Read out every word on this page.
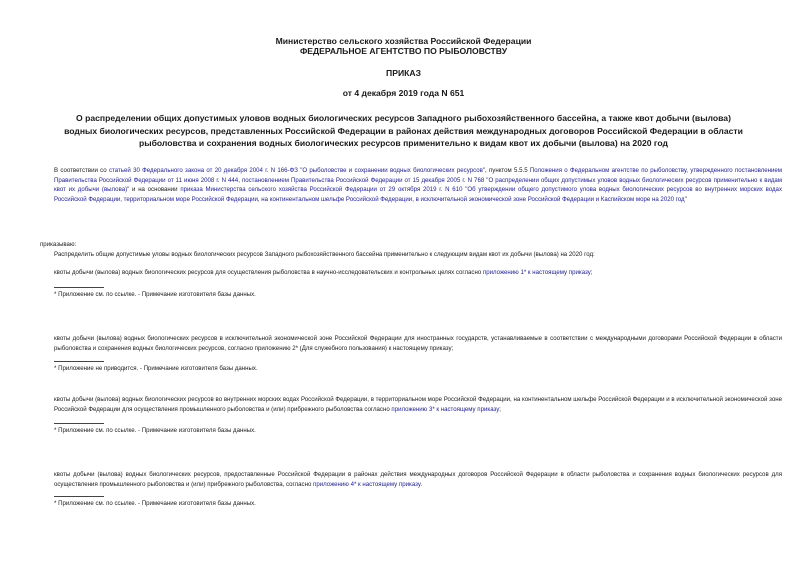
Министерство сельского хозяйства Российской Федерации
ФЕДЕРАЛЬНОЕ АГЕНТСТВО ПО РЫБОЛОВСТВУ
ПРИКАЗ
от 4 декабря 2019 года N 651
О распределении общих допустимых уловов водных биологических ресурсов Западного рыбохозяйственного бассейна, а также квот добычи (вылова) водных биологических ресурсов, представленных Российской Федерации в районах действия международных договоров Российской Федерации в области рыболовства и сохранения водных биологических ресурсов применительно к видам квот их добычи (вылова) на 2020 год
В соответствии со статьей 30 Федерального закона от 20 декабря 2004 г. N 166-ФЗ "О рыболовстве и сохранении водных биологических ресурсов", пунктом 5.5.5 Положения о Федеральном агентстве по рыболовству, утвержденного постановлением Правительства Российской Федерации от 11 июня 2008 г. N 444, постановлением Правительства Российской Федерации от 15 декабря 2005 г. N 768 "О распределении общих допустимых уловов водных биологических ресурсов применительно к видам квот их добычи (вылова)" и на основании приказа Министерства сельского хозяйства Российской Федерации от 29 октября 2019 г. N 610 "Об утверждении общего допустимого улова водных биологических ресурсов во внутренних морских водах Российской Федерации, территориальном море Российской Федерации, на континентальном шельфе Российской Федерации, в исключительной экономической зоне Российской Федерации и Каспийском море на 2020 год"
приказываю:
Распределить общие допустимые уловы водных биологических ресурсов Западного рыбохозяйственного бассейна применительно к следующим видам квот их добычи (вылова) на 2020 год:
квоты добычи (вылова) водных биологических ресурсов для осуществления рыболовства в научно-исследовательских и контрольных целях согласно приложению 1* к настоящему приказу;
* Приложение см. по ссылке. - Примечание изготовителя базы данных.
квоты добычи (вылова) водных биологических ресурсов в исключительной экономической зоне Российской Федерации для иностранных государств, устанавливаемые в соответствии с международными договорами Российской Федерации в области рыболовства и сохранения водных биологических ресурсов, согласно приложению 2* (Для служебного пользования) к настоящему приказу;
* Приложение не приводится. - Примечание изготовителя базы данных.
квоты добычи (вылова) водных биологических ресурсов во внутренних морских водах Российской Федерации, в территориальном море Российской Федерации, на континентальном шельфе Российской Федерации и в исключительной экономической зоне Российской Федерации для осуществления промышленного рыболовства и (или) прибрежного рыболовства согласно приложению 3* к настоящему приказу;
* Приложение см. по ссылке. - Примечание изготовителя базы данных.
квоты добычи (вылова) водных биологических ресурсов, предоставленные Российской Федерации в районах действия международных договоров Российской Федерации в области рыболовства и сохранения водных биологических ресурсов для осуществления промышленного рыболовства и (или) прибрежного рыболовства, согласно приложению 4* к настоящему приказу.
* Приложение см. по ссылке. - Примечание изготовителя базы данных.
